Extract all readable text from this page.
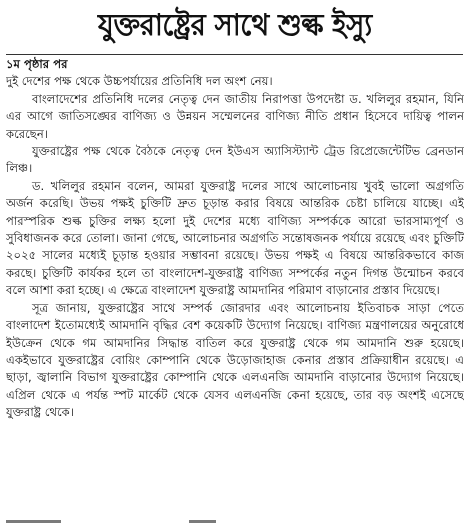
যুক্তরাষ্ট্রের সাথে শুল্ক ইস্যু
১ম পৃষ্ঠার পর

দুই দেশের পক্ষ থেকে উচ্চপর্যায়ের প্রতিনিধি দল অংশ নেয়।

বাংলাদেশের প্রতিনিধি দলের নেতৃত্ব দেন জাতীয় নিরাপত্তা উপদেষ্টা ড. খলিলুর রহমান, যিনি এর আগে জাতিসঙ্ঘের বাণিজ্য ও উন্নয়ন সম্মেলনের বাণিজ্য নীতি প্রধান হিসেবে দায়িত্ব পালন করেছেন।

যুক্তরাষ্ট্রের পক্ষ থেকে বৈঠকে নেতৃত্ব দেন ইউএস অ্যাসিস্ট্যান্ট ট্রেড রিপ্রেজেন্টেটিভ ব্রেনডান লিঞ্চ।

ড. খলিলুর রহমান বলেন, আমরা যুক্তরাষ্ট্র দলের সাথে আলোচনায় খুবই ভালো অগ্রগতি অর্জন করেছি। উভয় পক্ষই চুক্তিটি দ্রুত চূড়ান্ত করার বিষয়ে আন্তরিক চেষ্টা চালিয়ে যাচ্ছে। এই পারস্পরিক শুল্ক চুক্তির লক্ষ্য হলো দুই দেশের মধ্যে বাণিজ্য সম্পর্ককে আরো ভারসাম্যপূর্ণ ও সুবিধাজনক করে তোলা। জানা গেছে, আলোচনার অগ্রগতি সন্তোষজনক পর্যায়ে রয়েছে এবং চুক্তিটি ২০২৫ সালের মধ্যেই চূড়ান্ত হওয়ার সম্ভাবনা রয়েছে। উভয় পক্ষই এ বিষয়ে আন্তরিকভাবে কাজ করছে। চুক্তিটি কার্যকর হলে তা বাংলাদেশ-যুক্তরাষ্ট্র বাণিজ্য সম্পর্কের নতুন দিগন্ত উন্মোচন করবে বলে আশা করা হচ্ছে। এ ক্ষেত্রে বাংলাদেশ যুক্তরাষ্ট্র আমদানির পরিমাণ বাড়ানোর প্রস্তাব দিয়েছে।

সূত্র জানায়, যুক্তরাষ্ট্রের সাথে সম্পর্ক জোরদার এবং আলোচনায় ইতিবাচক সাড়া পেতে বাংলাদেশ ইতোমধ্যেই আমদানি বৃদ্ধির বেশ কয়েকটি উদ্যোগ নিয়েছে। বাণিজ্য মন্ত্রণালয়ের অনুরোধে ইউক্রেন থেকে গম আমদানির সিদ্ধান্ত বাতিল করে যুক্তরাষ্ট্র থেকে গম আমদানি শুরু হয়েছে। একইভাবে যুক্তরাষ্ট্রের বোয়িং কোম্পানি থেকে উড়োজাহাজ কেনার প্রস্তাব প্রক্রিয়াধীন রয়েছে। এ ছাড়া, জ্বালানি বিভাগ যুক্তরাষ্ট্রের কোম্পানি থেকে এলএনজি আমদানি বাড়ানোর উদ্যোগ নিয়েছে। এপ্রিল থেকে এ পর্যন্ত স্পট মার্কেট থেকে যেসব এলএনজি কেনা হয়েছে, তার বড় অংশই এসেছে যুক্তরাষ্ট্র থেকে।
